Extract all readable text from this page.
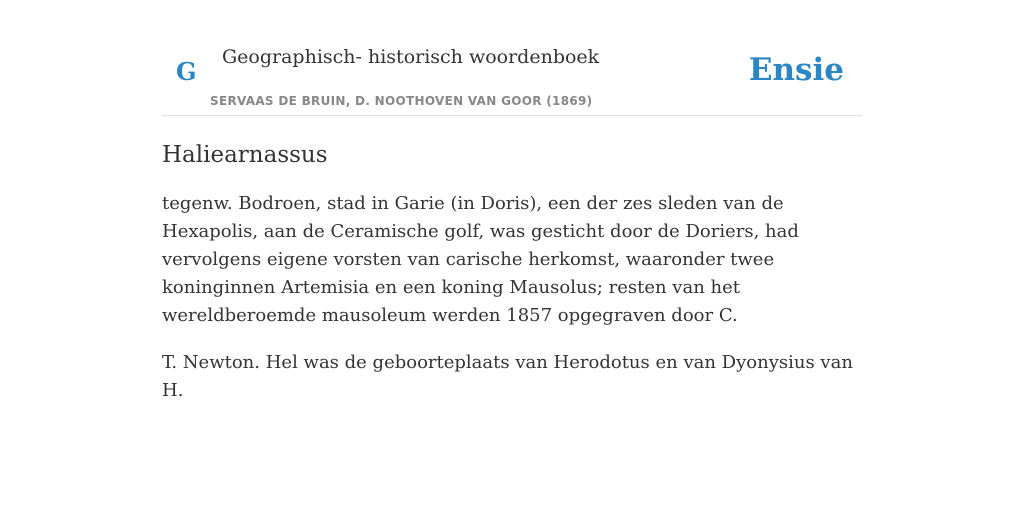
G Geographisch- historisch woordenboek
SERVAAS DE BRUIN, D. NOOTHOVEN VAN GOOR (1869)
Ensie
Haliearnassus

tegenw. Bodroen, stad in Garie (in Doris), een der zes sleden van de Hexapolis, aan de Ceramische golf, was gesticht door de Doriers, had vervolgens eigene vorsten van carische herkomst, waaronder twee koninginnen Artemisia en een koning Mausolus; resten van het wereldberoemde mausoleum werden 1857 opgegraven door C.

T. Newton. Hel was de geboorteplaats van Herodotus en van Dyonysius van H.
